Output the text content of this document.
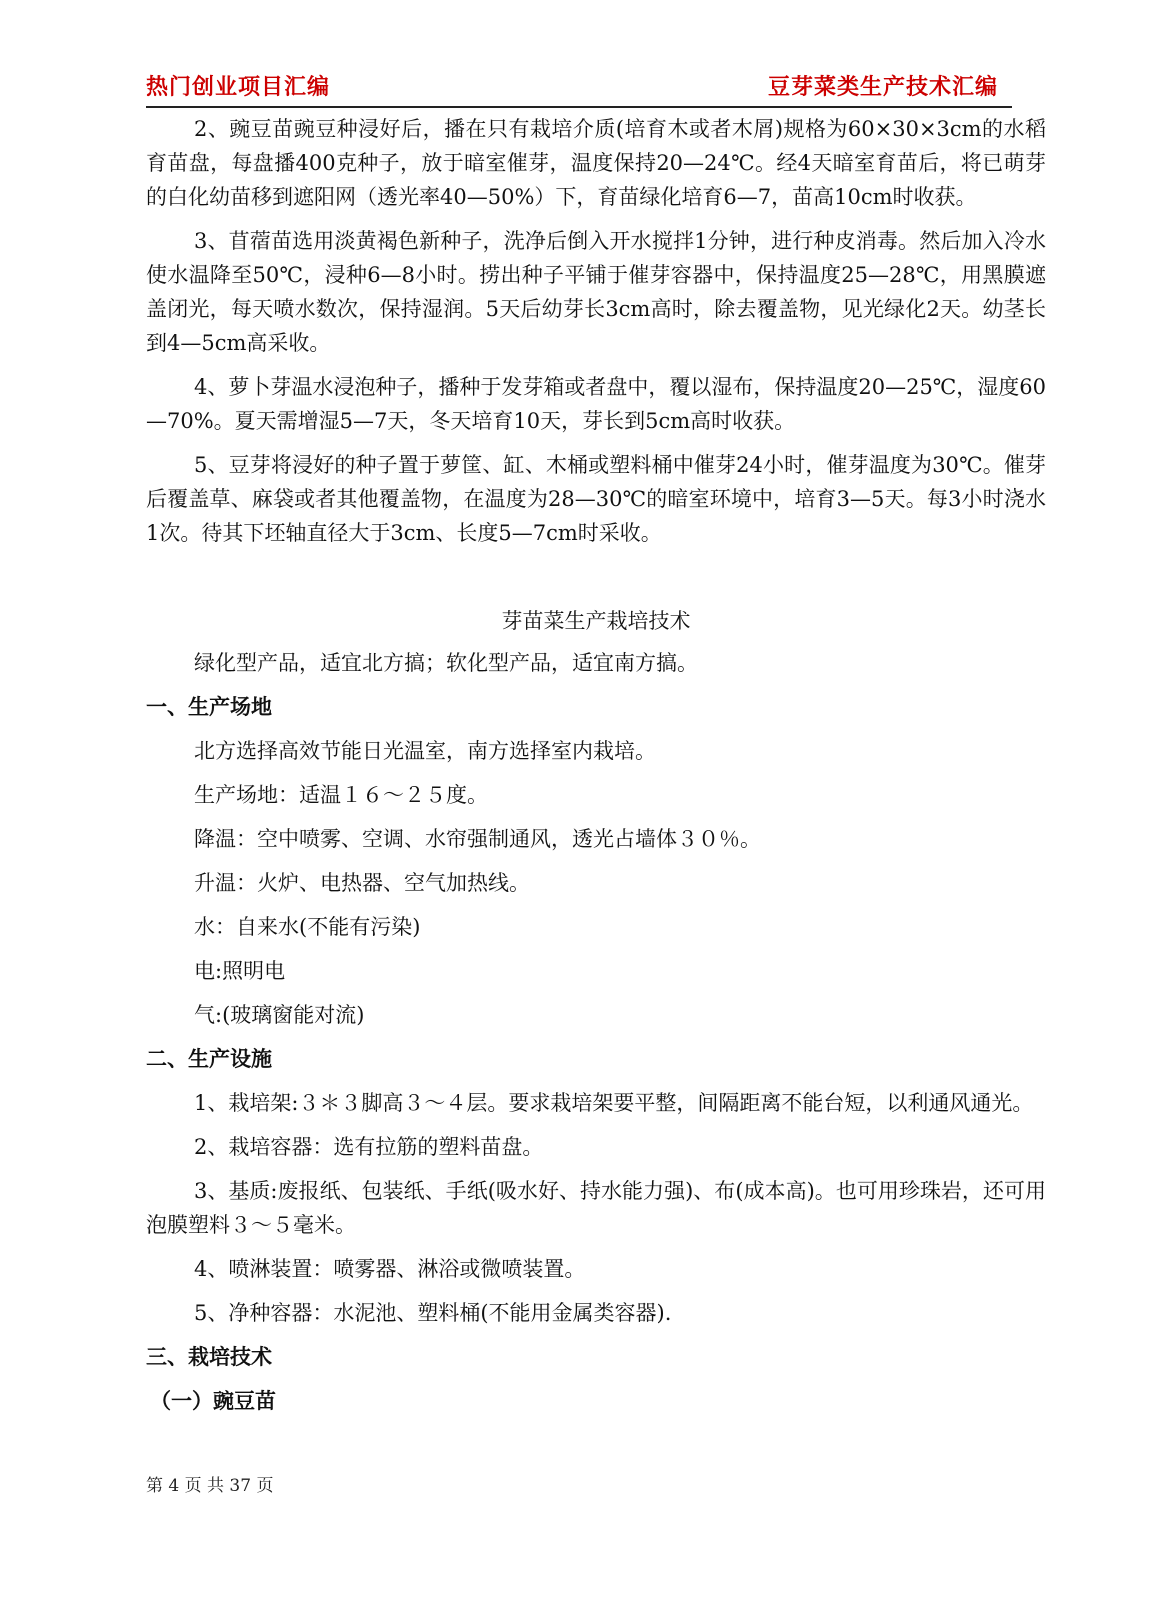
热门创业项目汇编	豆芽菜类生产技术汇编

2、豌豆苗豌豆种浸好后，播在只有栽培介质(培育木或者木屑)规格为60×30×3cm的水稻育苗盘，每盘播400克种子，放于暗室催芽，温度保持20—24℃。经4天暗室育苗后，将已萌芽的白化幼苗移到遮阳网（透光率40—50%）下，育苗绿化培育6—7，苗高10cm时收获。

3、苜蓿苗选用淡黄褐色新种子，洗净后倒入开水搅拌1分钟，进行种皮消毒。然后加入冷水使水温降至50℃，浸种6—8小时。捞出种子平铺于催芽容器中，保持温度25—28℃，用黑膜遮盖闭光，每天喷水数次，保持湿润。5天后幼芽长3cm高时，除去覆盖物，见光绿化2天。幼茎长到4—5cm高采收。

4、萝卜芽温水浸泡种子，播种于发芽箱或者盘中，覆以湿布，保持温度20—25℃，湿度60—70%。夏天需增湿5—7天，冬天培育10天，芽长到5cm高时收获。

5、豆芽将浸好的种子置于萝筐、缸、木桶或塑料桶中催芽24小时，催芽温度为30℃。催芽后覆盖草、麻袋或者其他覆盖物，在温度为28—30℃的暗室环境中，培育3—5天。每3小时浇水1次。待其下坯轴直径大于3cm、长度5—7cm时采收。

芽苗菜生产栽培技术

绿化型产品，适宜北方搞；软化型产品，适宜南方搞。

一、生产场地

北方选择高效节能日光温室，南方选择室内栽培。

生产场地：适温１６～２５度。

降温：空中喷雾、空调、水帘强制通风，透光占墙体３０％。

升温：火炉、电热器、空气加热线。

水：自来水(不能有污染)

电:照明电

气:(玻璃窗能对流)

二、生产设施

1、栽培架:３＊３脚高３～４层。要求栽培架要平整，间隔距离不能台短，以利通风通光。

2、栽培容器：选有拉筋的塑料苗盘。

3、基质:废报纸、包装纸、手纸(吸水好、持水能力强)、布(成本高)。也可用珍珠岩，还可用泡膜塑料３～５毫米。

4、喷淋装置：喷雾器、淋浴或微喷装置。

5、净种容器：水泥池、塑料桶(不能用金属类容器).

三、栽培技术
（一）豌豆苗
第 4 页 共 37 页
